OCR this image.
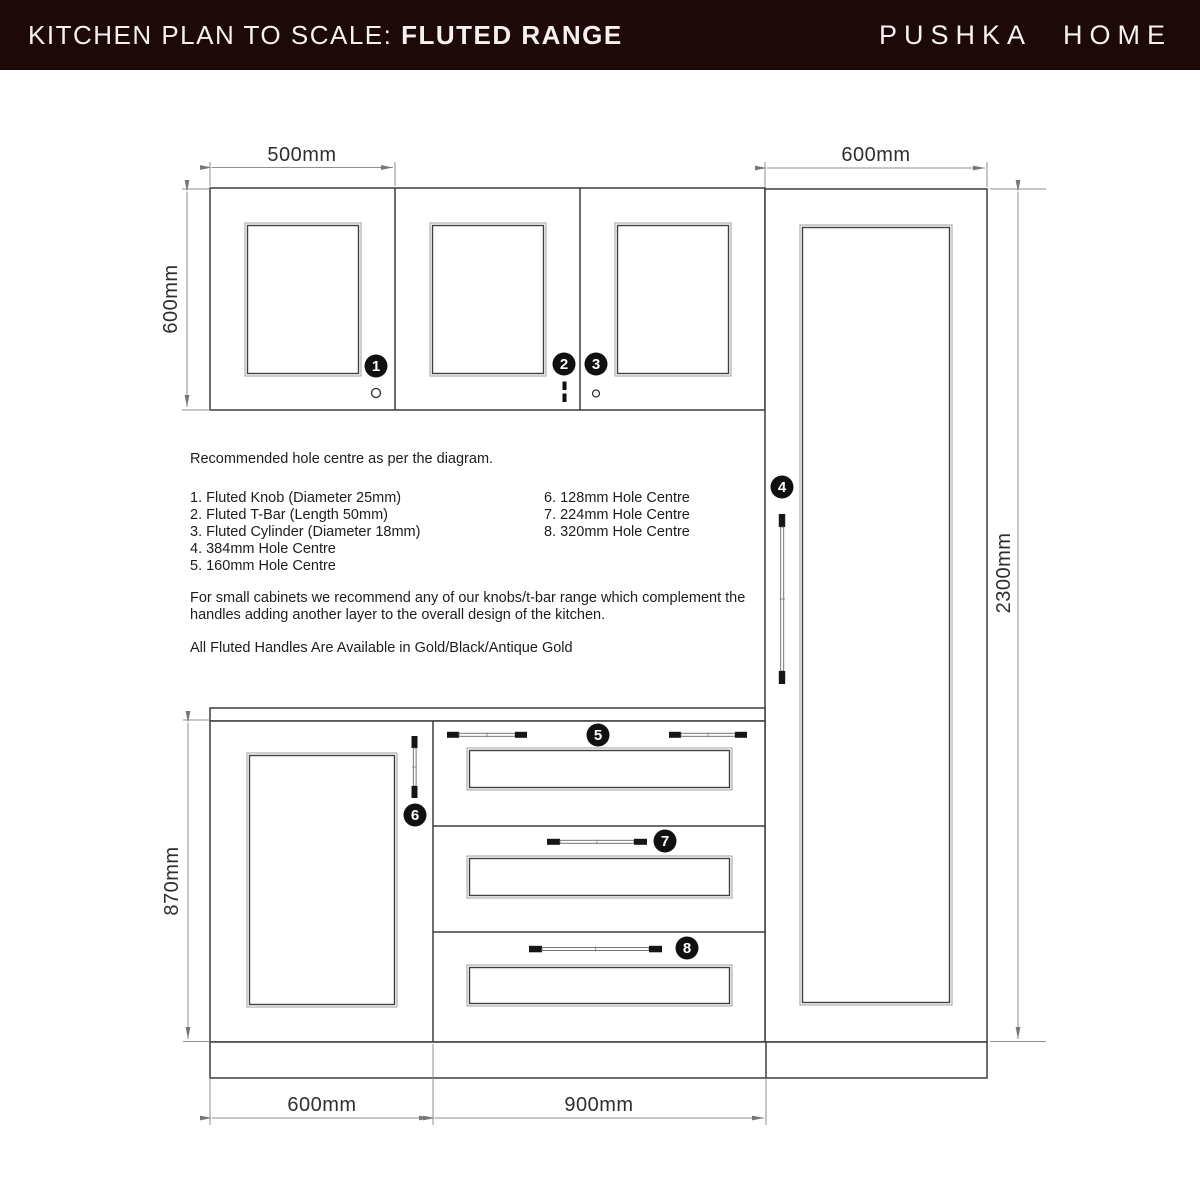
KITCHEN PLAN TO SCALE: FLUTED RANGE	PUSHKA HOME
500mm	600mm
600mm
2300mm
870mm
600mm	900mm
1	2 3
4
5
6
7
8

Recommended hole centre as per the diagram.

1. Fluted Knob (Diameter 25mm)
2. Fluted T-Bar (Length 50mm)
3. Fluted Cylinder (Diameter 18mm)
4. 384mm Hole Centre
5. 160mm Hole Centre
6. 128mm Hole Centre
7. 224mm Hole Centre
8. 320mm Hole Centre

For small cabinets we recommend any of our knobs/t-bar range which complement the handles adding another layer to the overall design of the kitchen.

All Fluted Handles Are Available in Gold/Black/Antique Gold
